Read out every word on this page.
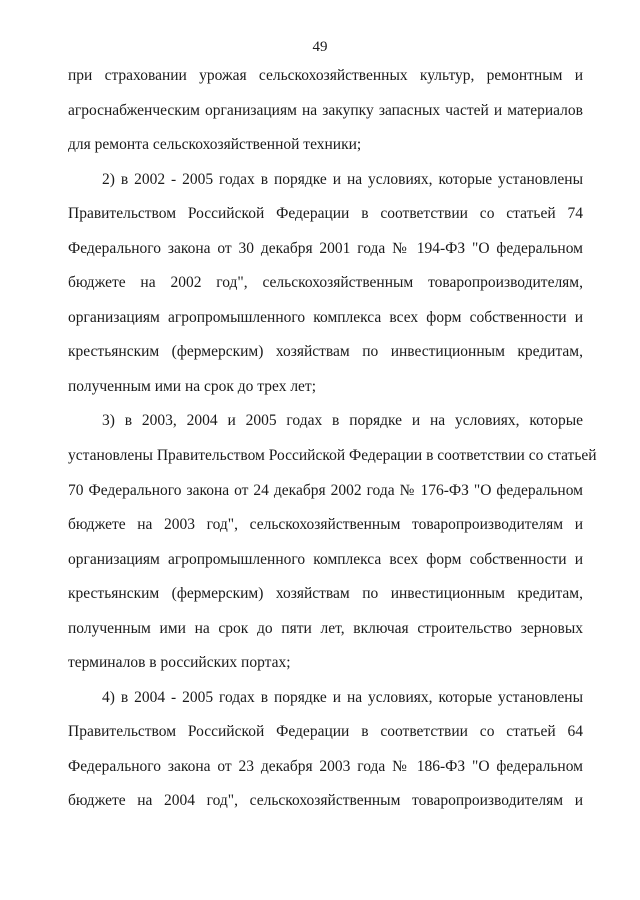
49
при страховании урожая сельскохозяйственных культур, ремонтным и
агроснабженческим организациям на закупку запасных частей и материалов
для ремонта сельскохозяйственной техники;
2) в 2002 - 2005 годах в порядке и на условиях, которые установлены
Правительством Российской Федерации в соответствии со статьей 74
Федерального закона от 30 декабря 2001 года № 194-ФЗ "О федеральном
бюджете на 2002 год", сельскохозяйственным товаропроизводителям,
организациям агропромышленного комплекса всех форм собственности и
крестьянским (фермерским) хозяйствам по инвестиционным кредитам,
полученным ими на срок до трех лет;
3) в 2003, 2004 и 2005 годах в порядке и на условиях, которые
установлены Правительством Российской Федерации в соответствии со статьей
70 Федерального закона от 24 декабря 2002 года № 176-ФЗ "О федеральном
бюджете на 2003 год", сельскохозяйственным товаропроизводителям и
организациям агропромышленного комплекса всех форм собственности и
крестьянским (фермерским) хозяйствам по инвестиционным кредитам,
полученным ими на срок до пяти лет, включая строительство зерновых
терминалов в российских портах;
4) в 2004 - 2005 годах в порядке и на условиях, которые установлены
Правительством Российской Федерации в соответствии со статьей 64
Федерального закона от 23 декабря 2003 года № 186-ФЗ "О федеральном
бюджете на 2004 год", сельскохозяйственным товаропроизводителям и
